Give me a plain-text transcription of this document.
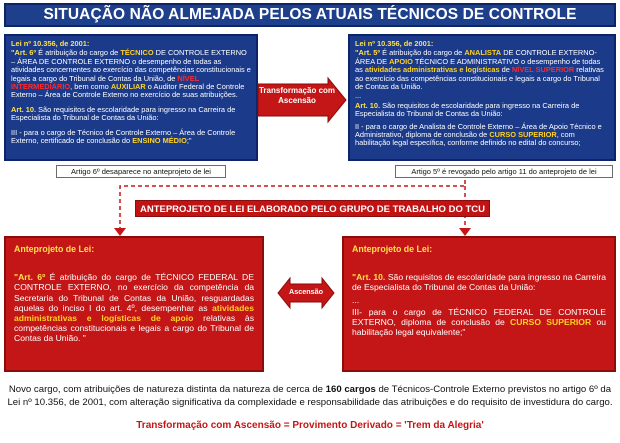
SITUAÇÃO NÃO ALMEJADA PELOS ATUAIS TÉCNICOS DE CONTROLE EXTERNO

Lei nº 10.356, de 2001:

"Art. 6º É atribuição do cargo de TÉCNICO DE CONTROLE EXTERNO – ÁREA DE CONTROLE EXTERNO o desempenho de todas as atividades concernentes ao exercício das competências constitucionais e legais a cargo do Tribunal de Contas da União, de NÍVEL INTERMEDIÁRIO, bem como AUXILIAR o Auditor Federal de Controle Externo – Área de Controle Externo no exercício de suas atribuições.

Art. 10. São requisitos de escolaridade para ingresso na Carreira de Especialista do Tribunal de Contas da União:

III - para o cargo de Técnico de Controle Externo – Área de Controle Externo, certificado de conclusão do ENSINO MÉDIO;"

Artigo 6º desaparece no anteprojeto de lei

Lei nº 10.356, de 2001:

"Art. 5º É atribuição do cargo de ANALISTA DE CONTROLE EXTERNO-ÁREA DE APOIO TÉCNICO E ADMINISTRATIVO o desempenho de todas as atividades administrativas e logísticas de NÍVEL SUPERIOR relativas ao exercício das competências constitucionais e legais a cargo do Tribunal de Contas da União.

...

Art. 10. São requisitos de escolaridade para ingresso na Carreira de Especialista do Tribunal de Contas da União:

II - para o cargo de Analista de Controle Externo – Área de Apoio Técnico e Administrativo, diploma de conclusão de CURSO SUPERIOR, com habilitação legal específica, conforme definido no edital do concurso;

Artigo 5º é revogado pelo artigo 11 do anteprojeto de lei
Transformação com Ascensão
ANTEPROJETO DE LEI ELABORADO PELO GRUPO DE TRABALHO DO TCU

Anteprojeto de Lei:

"Art. 6º É atribuição do cargo de TÉCNICO FEDERAL DE CONTROLE EXTERNO, no exercício da competência da Secretaria do Tribunal de Contas da União, resguardadas aquelas do inciso I do art. 4º, desempenhar as atividades administrativas e logísticas de apoio relativas às competências constitucionais e legais a cargo do Tribunal de Contas da União. "

Ascensão

Anteprojeto de Lei:

"Art. 10. São requisitos de escolaridade para ingresso na Carreira de Especialista do Tribunal de Contas da União:

...

III- para o cargo de TÉCNICO FEDERAL DE CONTROLE EXTERNO, diploma de conclusão de CURSO SUPERIOR ou habilitação legal equivalente;"

Novo cargo, com atribuições de natureza distinta da natureza de cerca de 160 cargos de Técnicos-Controle Externo previstos no artigo 6º da Lei nº 10.356, de 2001, com alteração significativa da complexidade e responsabilidade das atribuições e do requisito de investidura do cargo.
Transformação com Ascensão = Provimento Derivado = 'Trem da Alegria'
